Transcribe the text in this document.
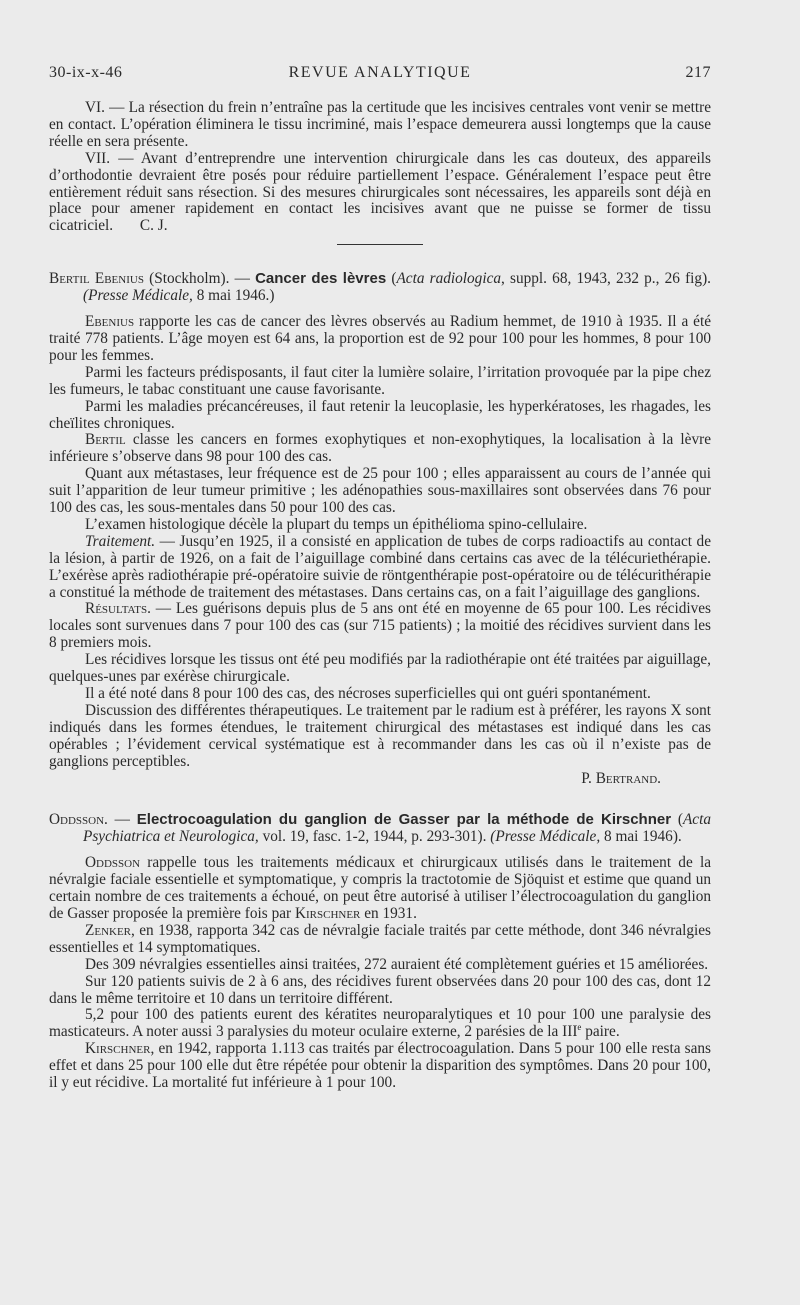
30-ix-x-46	REVUE ANALYTIQUE	217

VI. — La résection du frein n’entraîne pas la certitude que les incisives centrales vont venir se mettre en contact. L’opération éliminera le tissu incriminé, mais l’espace demeurera aussi longtemps que la cause réelle en sera présente.

VII. — Avant d’entreprendre une intervention chirurgicale dans les cas douteux, des appareils d’orthodontie devraient être posés pour réduire partiellement l’espace. Généralement l’espace peut être entièrement réduit sans résection. Si des mesures chirurgicales sont nécessaires, les appareils sont déjà en place pour amener rapidement en contact les incisives avant que ne puisse se former de tissu cicatriciel. C. J.

Bertil Ebenius (Stockholm). — Cancer des lèvres (Acta radiologica, suppl. 68, 1943, 232 p., 26 fig). (Presse Médicale, 8 mai 1946.)

Ebenius rapporte les cas de cancer des lèvres observés au Radium hemmet, de 1910 à 1935. Il a été traité 778 patients. L’âge moyen est 64 ans, la proportion est de 92 pour 100 pour les hommes, 8 pour 100 pour les femmes.

Parmi les facteurs prédisposants, il faut citer la lumière solaire, l’irritation provoquée par la pipe chez les fumeurs, le tabac constituant une cause favorisante.

Parmi les maladies précancéreuses, il faut retenir la leucoplasie, les hyperkératoses, les rhagades, les cheïlites chroniques.

Bertil classe les cancers en formes exophytiques et non-exophytiques, la localisation à la lèvre inférieure s’observe dans 98 pour 100 des cas.

Quant aux métastases, leur fréquence est de 25 pour 100 ; elles apparaissent au cours de l’année qui suit l’apparition de leur tumeur primitive ; les adénopathies sous-maxillaires sont observées dans 76 pour 100 des cas, les sous-mentales dans 50 pour 100 des cas.

L’examen histologique décèle la plupart du temps un épithélioma spino-cellulaire.

Traitement. — Jusqu’en 1925, il a consisté en application de tubes de corps radioactifs au contact de la lésion, à partir de 1926, on a fait de l’aiguillage combiné dans certains cas avec de la télécuriethérapie. L’exérèse après radiothérapie pré-opératoire suivie de röntgenthérapie post-opératoire ou de télécurithérapie a constitué la méthode de traitement des métastases. Dans certains cas, on a fait l’aiguillage des ganglions.

Résultats. — Les guérisons depuis plus de 5 ans ont été en moyenne de 65 pour 100. Les récidives locales sont survenues dans 7 pour 100 des cas (sur 715 patients) ; la moitié des récidives survient dans les 8 premiers mois.

Les récidives lorsque les tissus ont été peu modifiés par la radiothérapie ont été traitées par aiguillage, quelques-unes par exérèse chirurgicale.

Il a été noté dans 8 pour 100 des cas, des nécroses superficielles qui ont guéri spontanément.

Discussion des différentes thérapeutiques. Le traitement par le radium est à préférer, les rayons X sont indiqués dans les formes étendues, le traitement chirurgical des métastases est indiqué dans les cas opérables ; l’évidement cervical systématique est à recommander dans les cas où il n’existe pas de ganglions perceptibles.

P. Bertrand.

Oddsson. — Electrocoagulation du ganglion de Gasser par la méthode de Kirschner (Acta Psychiatrica et Neurologica, vol. 19, fasc. 1-2, 1944, p. 293-301). (Presse Médicale, 8 mai 1946).

Oddsson rappelle tous les traitements médicaux et chirurgicaux utilisés dans le traitement de la névralgie faciale essentielle et symptomatique, y compris la tractotomie de Sjöquist et estime que quand un certain nombre de ces traitements a échoué, on peut être autorisé à utiliser l’électrocoagulation du ganglion de Gasser proposée la première fois par Kirschner en 1931.

Zenker, en 1938, rapporta 342 cas de névralgie faciale traités par cette méthode, dont 346 névralgies essentielles et 14 symptomatiques.

Des 309 névralgies essentielles ainsi traitées, 272 auraient été complètement guéries et 15 améliorées.

Sur 120 patients suivis de 2 à 6 ans, des récidives furent observées dans 20 pour 100 des cas, dont 12 dans le même territoire et 10 dans un territoire différent.

5,2 pour 100 des patients eurent des kératites neuroparalytiques et 10 pour 100 une paralysie des masticateurs. A noter aussi 3 paralysies du moteur oculaire externe, 2 parésies de la IIIe paire.

Kirschner, en 1942, rapporta 1.113 cas traités par électrocoagulation. Dans 5 pour 100 elle resta sans effet et dans 25 pour 100 elle dut être répétée pour obtenir la disparition des symptômes. Dans 20 pour 100, il y eut récidive. La mortalité fut inférieure à 1 pour 100.
